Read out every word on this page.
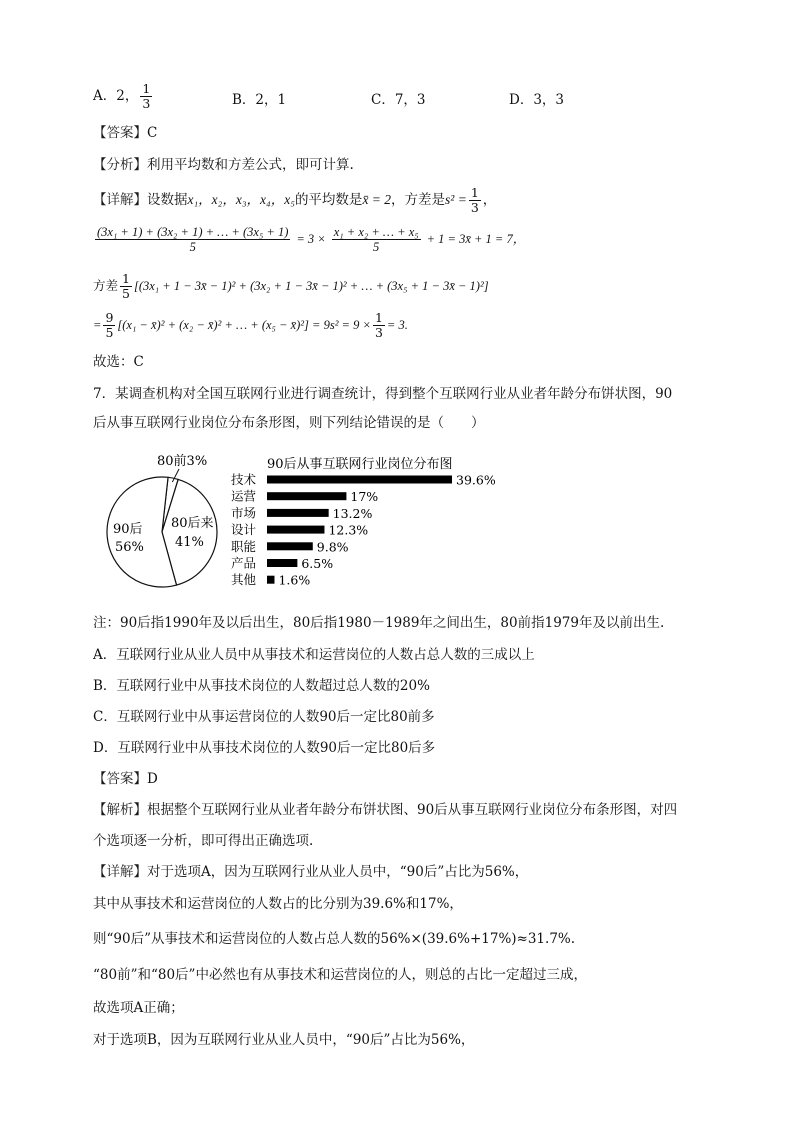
A．2， $\frac{1}{3}$	B．2，1	C．7，3	D．3，3
【答案】C
【分析】利用平均数和方差公式，即可计算.
【详解】设数据x₁，x₂，x₃，x₄，x₅的平均数是x̄ = 2，方差是$s^2 = \frac{1}{3}$ ，
$\frac{\text{(3x₁ + 1) + (3x₂ + 1) + … + (3x₅ + 1)}}{5} = 3 \times \frac{\text{x₁ + x₂ + … + x₅}}{5} + 1$ = 3x̄ + 1 = 7，
方差 $\frac{1}{5} [(3x_1 + 1$ − 3x̄ − 1)² + (3x₂ + 1 − 3x̄ − 1)² + … + (3x₅ + 1 − 3x̄ − 1)²]
= $\frac{9}{5} [(x_1$ − x̄)² + (x₂ − x̄)² + … + (x₅ − x̄)²] = $9s^2 = 9 \times \frac{1}{3} = 3$.
故选：C
7．某调查机构对全国互联网行业进行调查统计，得到整个互联网行业从业者年龄分布饼状图，90
后从事互联网行业岗位分布条形图，则下列结论错误的是（　　）
90后
56%
80后来
41%
80前3%	90后从事互联网行业岗位分布图
技术	39.6%
运营	17%
市场	13.2%
设计	12.3%
职能	9.8%
产品	6.5%
其他 1.6%
注：90后指1990年及以后出生，80后指1980－1989年之间出生，80前指1979年及以前出生.
A．互联网行业从业人员中从事技术和运营岗位的人数占总人数的三成以上
B．互联网行业中从事技术岗位的人数超过总人数的20%
C．互联网行业中从事运营岗位的人数90后一定比80前多
D．互联网行业中从事技术岗位的人数90后一定比80后多
【答案】D
【解析】根据整个互联网行业从业者年龄分布饼状图、90后从事互联网行业岗位分布条形图，对四
个选项逐一分析，即可得出正确选项.
【详解】对于选项A，因为互联网行业从业人员中，“90后”占比为56%，
其中从事技术和运营岗位的人数占的比分别为39.6%和17%，
则“90后”从事技术和运营岗位的人数占总人数的56%×(39.6%+17%)≈31.7%.
“80前”和“80后”中必然也有从事技术和运营岗位的人，则总的占比一定超过三成，
故选项A正确；
对于选项B，因为互联网行业从业人员中，“90后”占比为56%，
